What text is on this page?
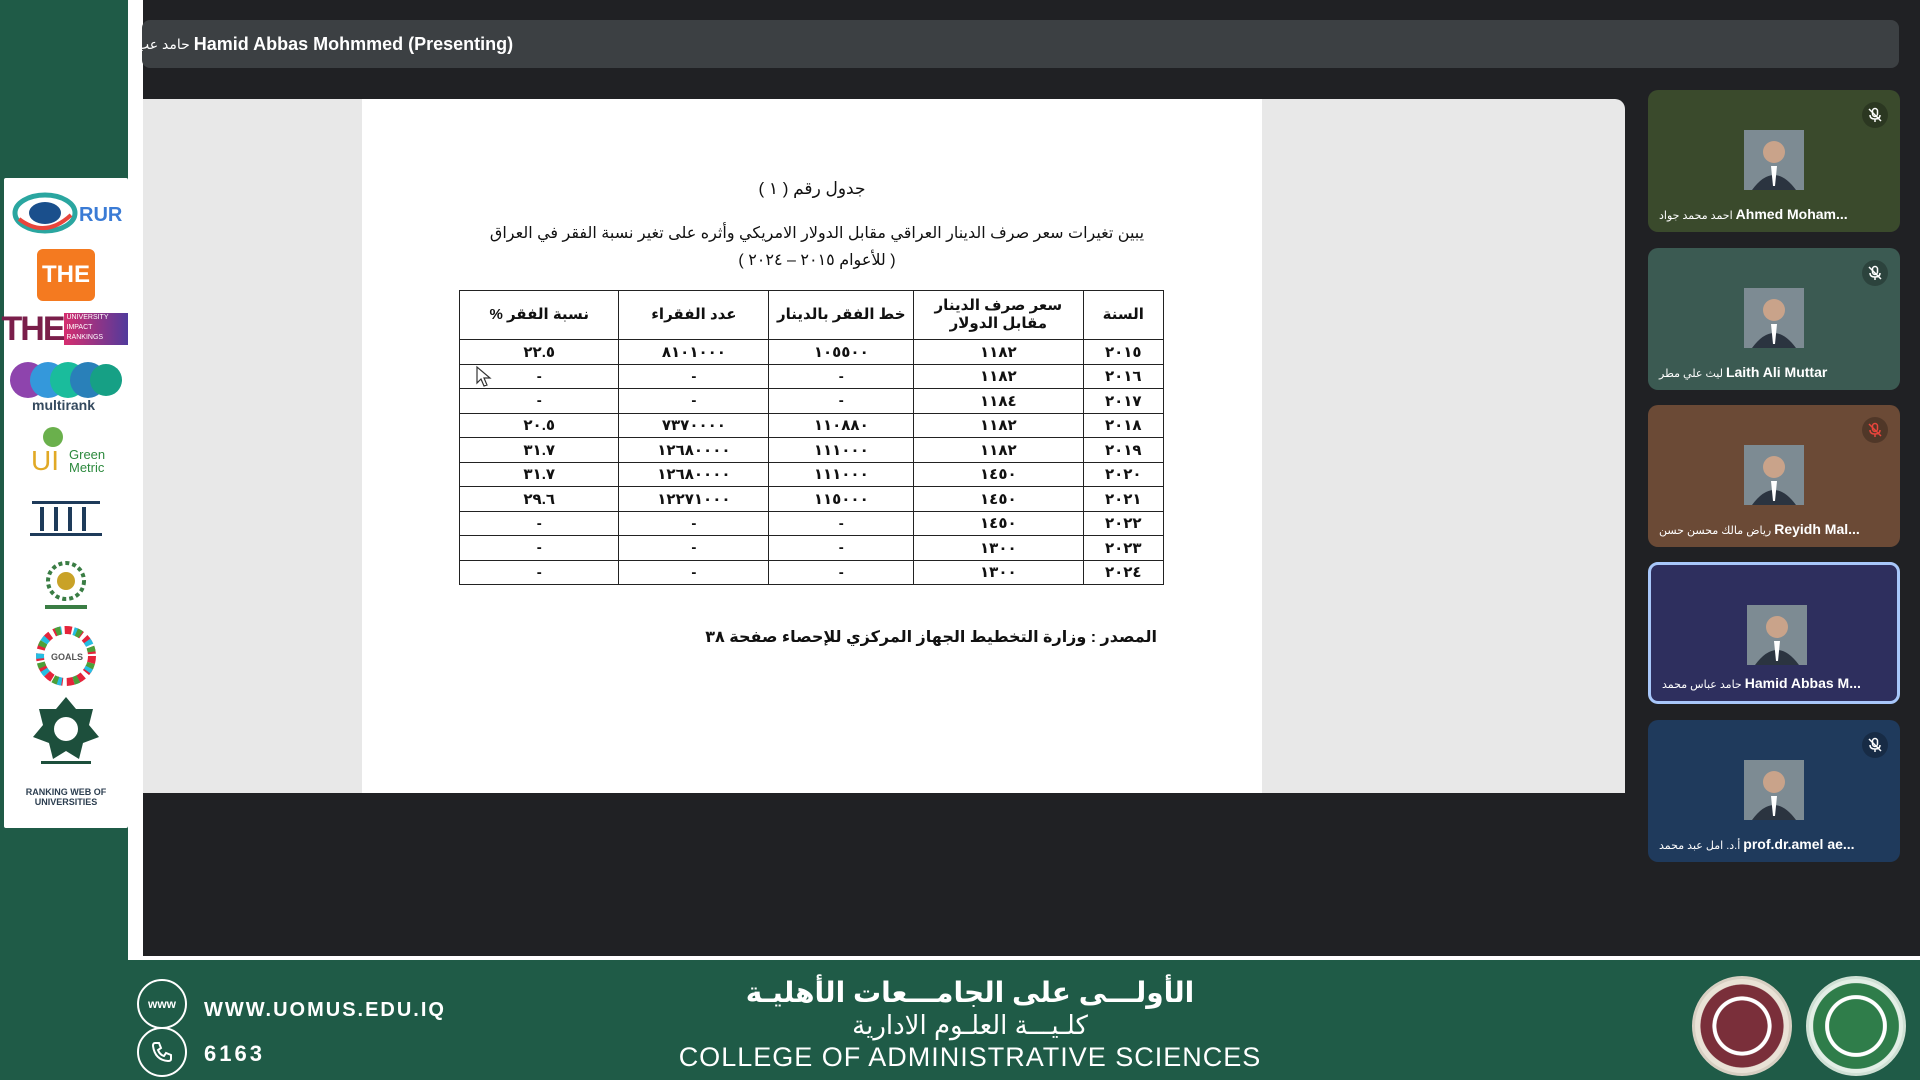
RUR
THE
THE UNIVERSITY IMPACT RANKINGS
multirank
UI Green
Metric
GOALS
RANKING WEB OF UNIVERSITIES
حامد عب Hamid Abbas Mohmmed (Presenting)
جدول رقم ( ١ )
يبين تغيرات سعر صرف الدينار العراقي مقابل الدولار الامريكي وأثره على تغير نسبة الفقر في العراق
( للأعوام ٢٠١٥ – ٢٠٢٤ )
السنة	سعر صرف الدينار مقابل الدولار	خط الفقر بالدينار	عدد الفقراء	نسبة الفقر %
٢٠١٥	١١٨٢	١٠٥٥٠٠	٨١٠١٠٠٠	٢٢.٥
٢٠١٦	١١٨٢	-	-	-
٢٠١٧	١١٨٤	-	-	-
٢٠١٨	١١٨٢	١١٠٨٨٠	٧٣٧٠٠٠٠	٢٠.٥
٢٠١٩	١١٨٢	١١١٠٠٠	١٢٦٨٠٠٠٠	٣١.٧
٢٠٢٠	١٤٥٠	١١١٠٠٠	١٢٦٨٠٠٠٠	٣١.٧
٢٠٢١	١٤٥٠	١١٥٠٠٠	١٢٢٧١٠٠٠	٢٩.٦
٢٠٢٢	١٤٥٠	-	-	-
٢٠٢٣	١٣٠٠	-	-	-
٢٠٢٤	١٣٠٠	-	-	-
المصدر : وزارة التخطيط الجهاز المركزي للإحصاء صفحة ٣٨
احمد محمد جواد Ahmed Moham...
ليث علي مطر Laith Ali Muttar
رياض مالك محسن حسن Reyidh Mal...
حامد عباس محمد Hamid Abbas M...
أ.د. امل عبد محمد prof.dr.amel ae...
www WWW.UOMUS.EDU.IQ
6163
الأولـــى على الجامـــعات الأهليـة
كلـيـــة العلـوم الادارية
COLLEGE OF ADMINISTRATIVE SCIENCES
